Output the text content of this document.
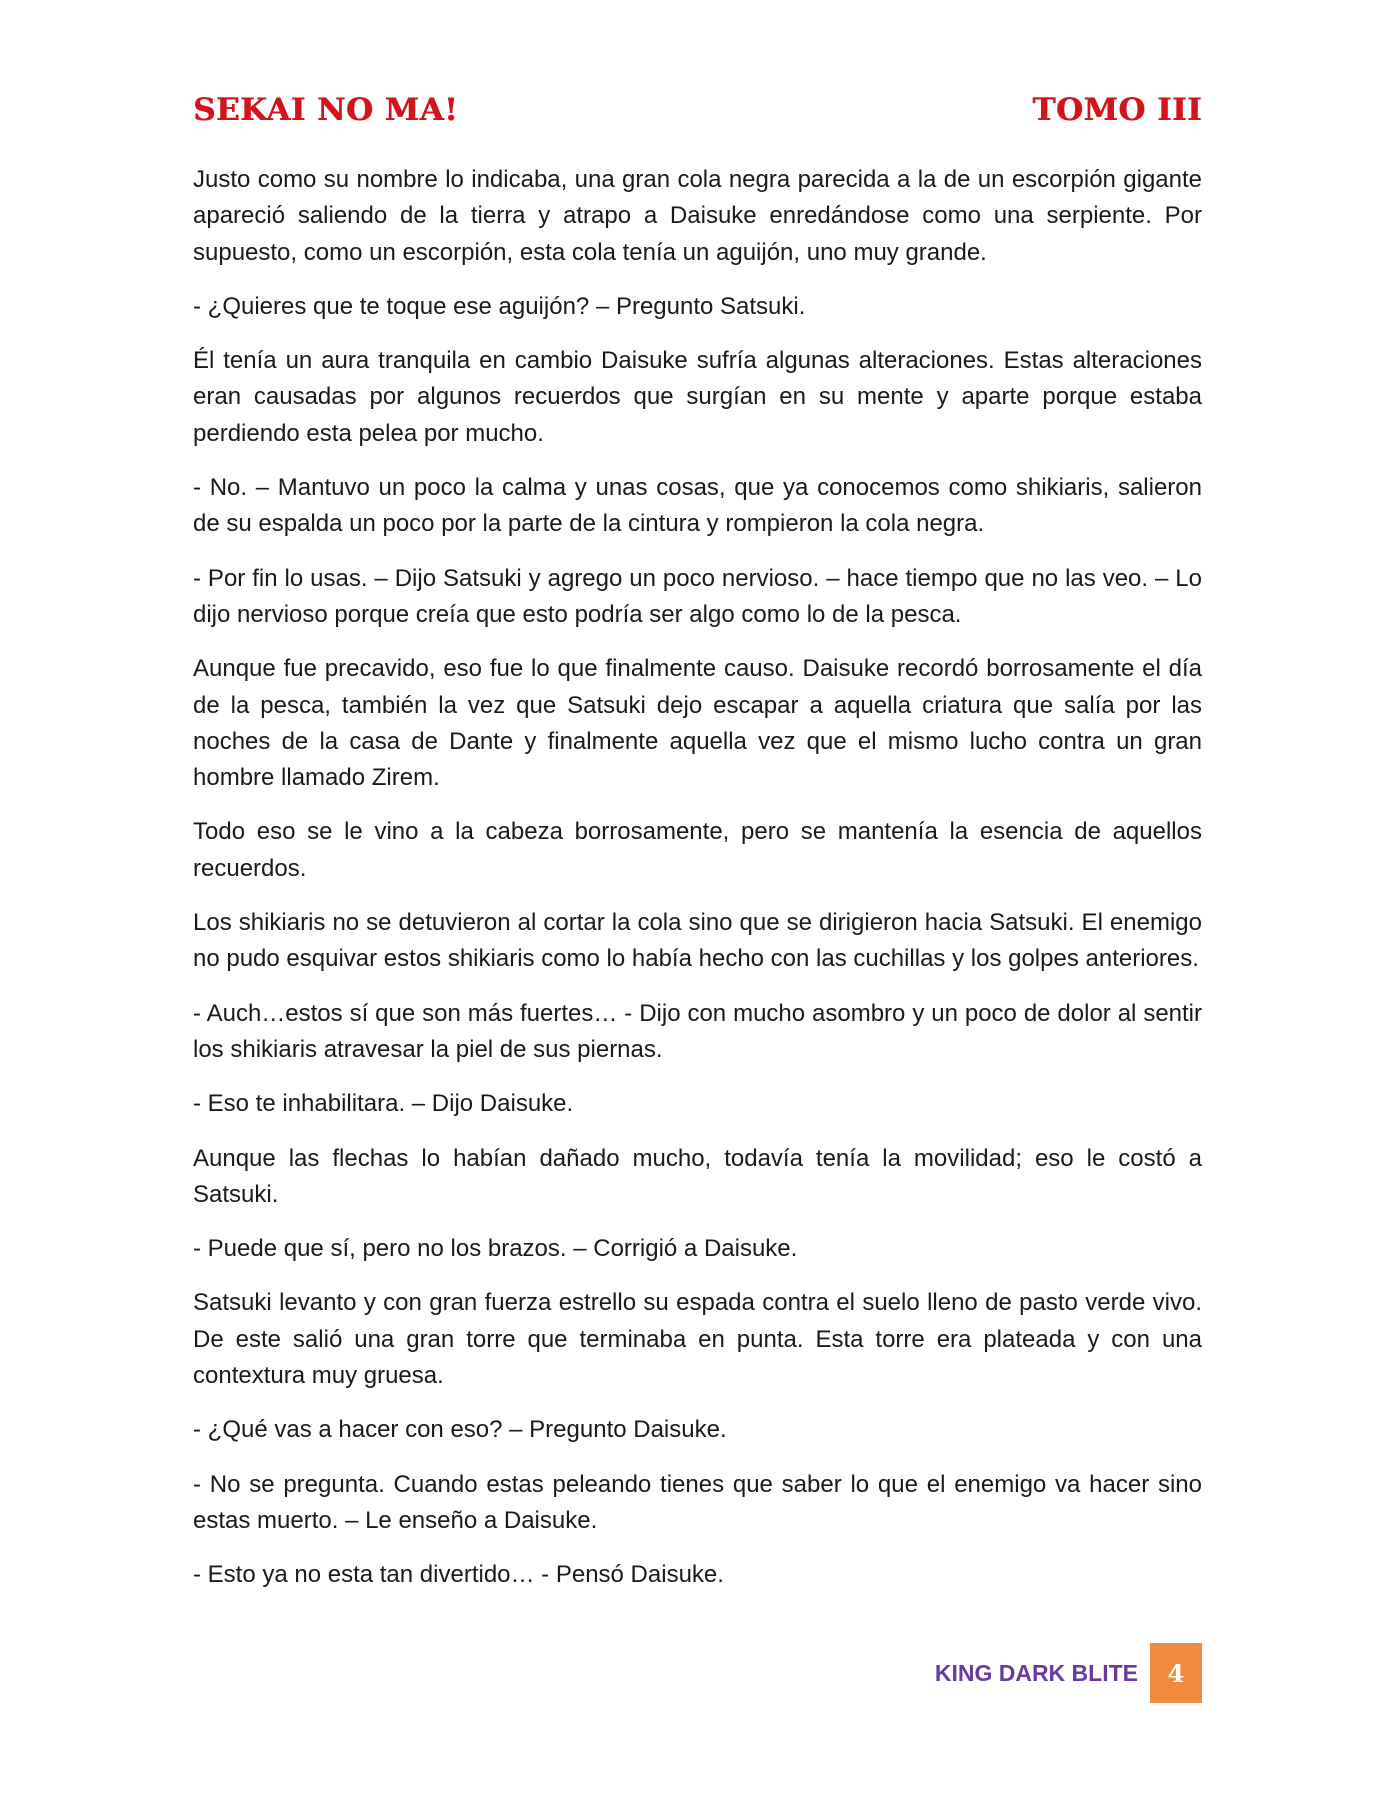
SEKAI NO MA!	TOMO III

Justo como su nombre lo indicaba, una gran cola negra parecida a la de un escorpión gigante apareció saliendo de la tierra y atrapo a Daisuke enredándose como una serpiente. Por supuesto, como un escorpión, esta cola tenía un aguijón, uno muy grande.

- ¿Quieres que te toque ese aguijón? – Pregunto Satsuki.

Él tenía un aura tranquila en cambio Daisuke sufría algunas alteraciones. Estas alteraciones eran causadas por algunos recuerdos que surgían en su mente y aparte porque estaba perdiendo esta pelea por mucho.

- No. – Mantuvo un poco la calma y unas cosas, que ya conocemos como shikiaris, salieron de su espalda un poco por la parte de la cintura y rompieron la cola negra.

- Por fin lo usas. – Dijo Satsuki y agrego un poco nervioso. – hace tiempo que no las veo. – Lo dijo nervioso porque creía que esto podría ser algo como lo de la pesca.

Aunque fue precavido, eso fue lo que finalmente causo. Daisuke recordó borrosamente el día de la pesca, también la vez que Satsuki dejo escapar a aquella criatura que salía por las noches de la casa de Dante y finalmente aquella vez que el mismo lucho contra un gran hombre llamado Zirem.

Todo eso se le vino a la cabeza borrosamente, pero se mantenía la esencia de aquellos recuerdos.

Los shikiaris no se detuvieron al cortar la cola sino que se dirigieron hacia Satsuki. El enemigo no pudo esquivar estos shikiaris como lo había hecho con las cuchillas y los golpes anteriores.

- Auch…estos sí que son más fuertes… - Dijo con mucho asombro y un poco de dolor al sentir los shikiaris atravesar la piel de sus piernas.

- Eso te inhabilitara. – Dijo Daisuke.

Aunque las flechas lo habían dañado mucho, todavía tenía la movilidad; eso le costó a Satsuki.

- Puede que sí, pero no los brazos. – Corrigió a Daisuke.

Satsuki levanto y con gran fuerza estrello su espada contra el suelo lleno de pasto verde vivo. De este salió una gran torre que terminaba en punta. Esta torre era plateada y con una contextura muy gruesa.

- ¿Qué vas a hacer con eso? – Pregunto Daisuke.

- No se pregunta. Cuando estas peleando tienes que saber lo que el enemigo va hacer sino estas muerto. – Le enseño a Daisuke.

- Esto ya no esta tan divertido… - Pensó Daisuke.

KING DARK BLITE 4
